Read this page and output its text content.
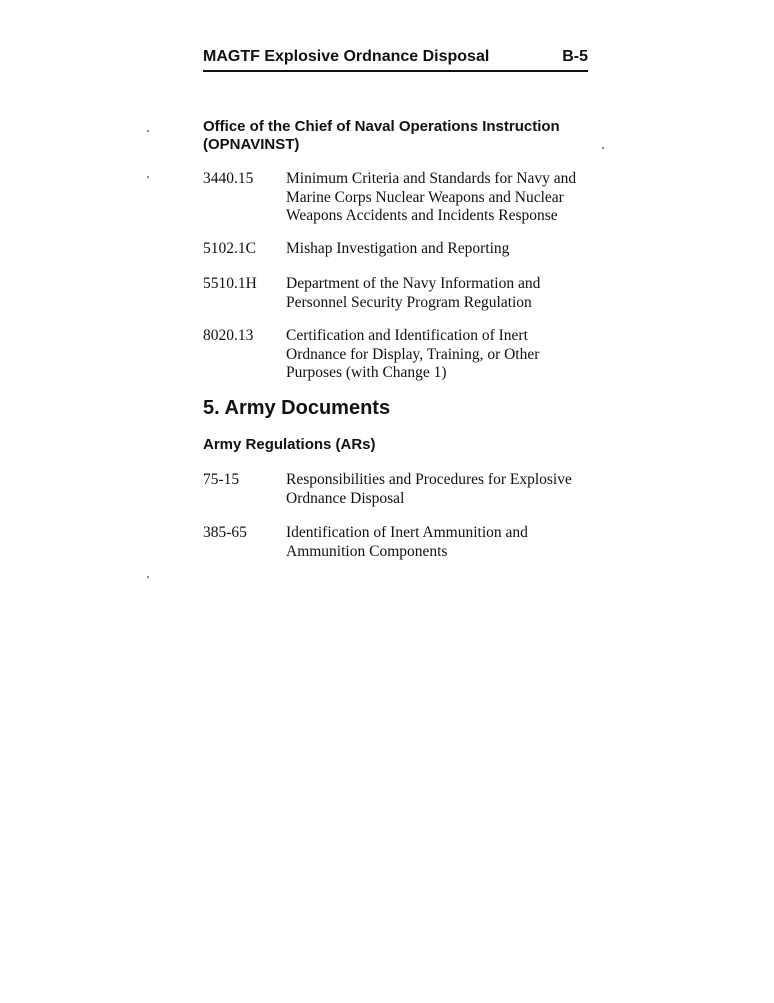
MAGTF Explosive Ordnance Disposal	B-5
Office of the Chief of Naval Operations Instruction
(OPNAVINST)
3440.15 Minimum Criteria and Standards for Navy and
Marine Corps Nuclear Weapons and Nuclear
Weapons Accidents and Incidents Response
5102.1C Mishap Investigation and Reporting
5510.1H Department of the Navy Information and
Personnel Security Program Regulation
8020.13 Certification and Identification of Inert
Ordnance for Display, Training, or Other
Purposes (with Change 1)
5. Army Documents
Army Regulations (ARs)
75-15	Responsibilities and Procedures for Explosive
Ordnance Disposal
385-65	Identification of Inert Ammunition and
Ammunition Components
